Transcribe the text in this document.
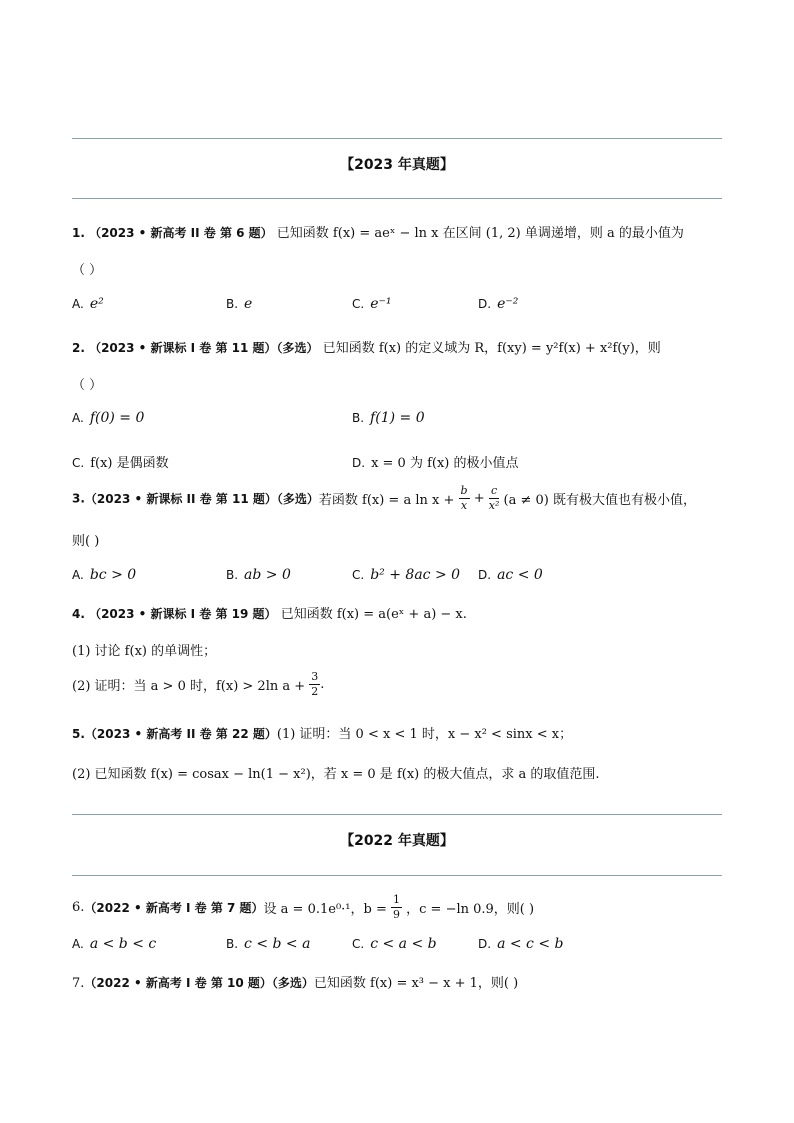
【2023 年真题】
1. （2023 • 新高考 II 卷 第 6 题） 已知函数 f(x) = aeˣ − ln x 在区间 (1, 2) 单调递增，则 a 的最小值为
（ ）
A. e²	B. e	C. e⁻¹	D. e⁻²
2. （2023 • 新课标 I 卷 第 11 题）（多选） 已知函数 f(x) 的定义域为 R，f(xy) = y²f(x) + x²f(y)，则
（ ）
A. f(0) = 0	B. f(1) = 0
C. f(x) 是偶函数	D. x = 0 为 f(x) 的极小值点
3.（2023 • 新课标 II 卷 第 11 题）（多选）若函数 f(x) = a $\ln x + \frac{b}{x} + \frac{c}{\text{x²}} (a \ne 0)$ 既有极大值也有极小值，
则( )
A. bc > 0	B. ab > 0	C. b² + 8ac > 0 D. ac < 0
4. （2023 • 新课标 I 卷 第 19 题） 已知函数 f(x) = a(eˣ + a) − x.
(1) 讨论 f(x) 的单调性；
(2) 证明：当 a > 0 时，f(x) > 2ln $a + \frac{3}{2}$ .
5.（2023 • 新高考 II 卷 第 22 题）(1) 证明：当 0 < x < 1 时，x − x² < sinx < x；
(2) 已知函数 f(x) = cosax − ln(1 − x²)，若 x = 0 是 f(x) 的极大值点，求 a 的取值范围.
【2022 年真题】
6.（2022 • 新高考 I 卷 第 7 题）设 a = 0.1e⁰·¹，$b = \frac{1}{9}$ ，c = −ln 0.9，则( )
A. a < b < c	B. c < b < a	C. c < a < b	D. a < c < b
7.（2022 • 新高考 I 卷 第 10 题）（多选）已知函数 f(x) = x³ − x + 1，则( )
